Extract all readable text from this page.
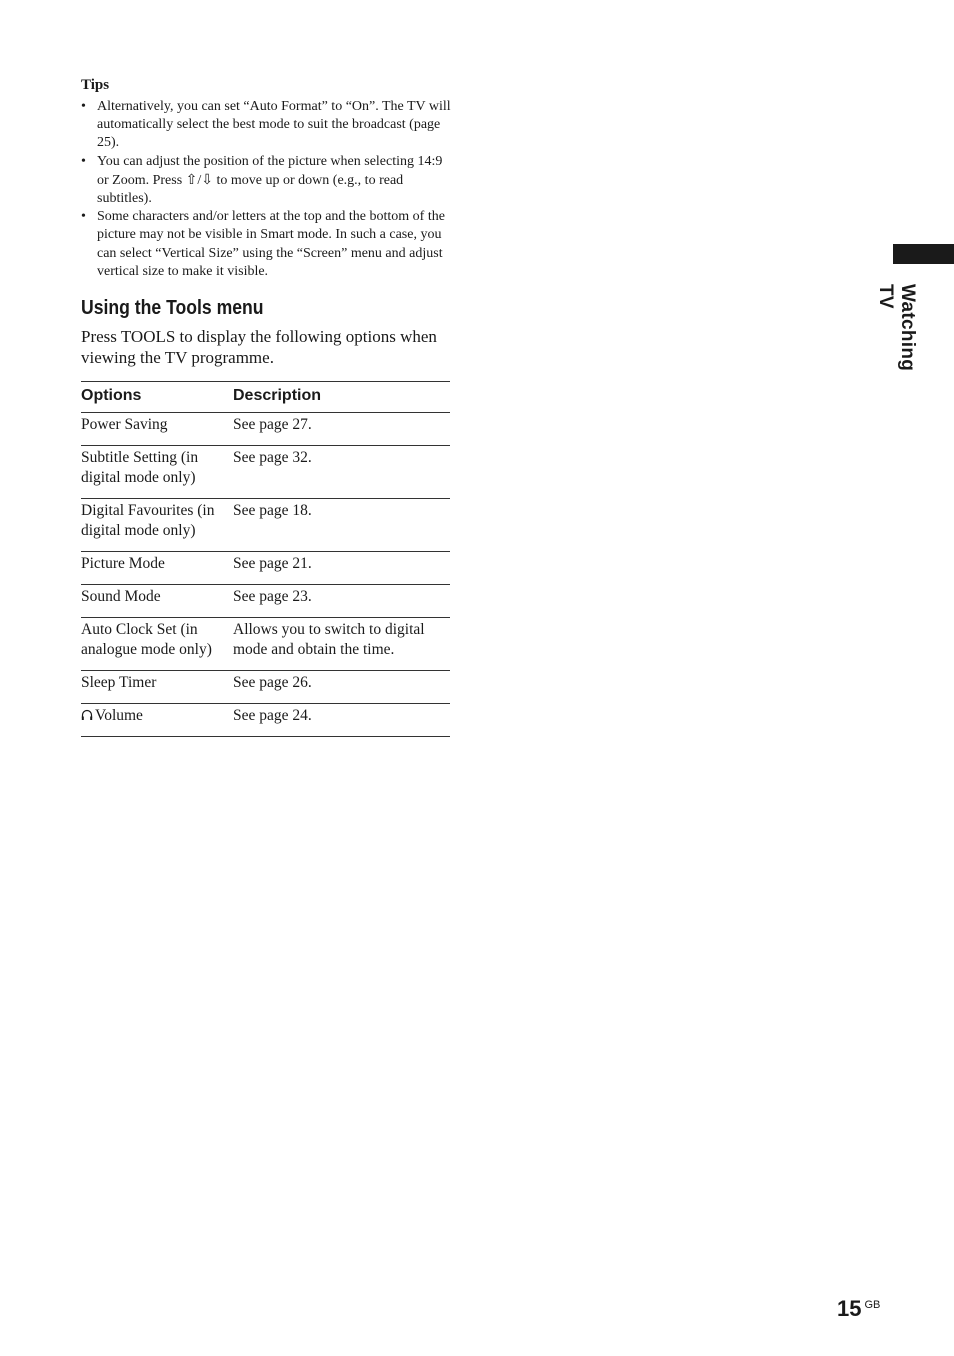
Tips
• Alternatively, you can set “Auto Format” to “On”. The TV will automatically select the best mode to suit the broadcast (page 25).
• You can adjust the position of the picture when selecting 14:9 or Zoom. Press ⇧/⇩ to move up or down (e.g., to read subtitles).
• Some characters and/or letters at the top and the bottom of the picture may not be visible in Smart mode. In such a case, you can select “Vertical Size” using the “Screen” menu and adjust vertical size to make it visible.
Using the Tools menu

Press TOOLS to display the following options when viewing the TV programme.

Options	Description
Power Saving	See page 27.
Subtitle Setting (in digital mode only)	See page 32.
Digital Favourites (in digital mode only)	See page 18.
Picture Mode	See page 21.
Sound Mode	See page 23.
Auto Clock Set (in analogue mode only)	Allows you to switch to digital mode and obtain the time.
Sleep Timer	See page 26.
Volume	See page 24.
Watching TV
15 $^{GB}$
